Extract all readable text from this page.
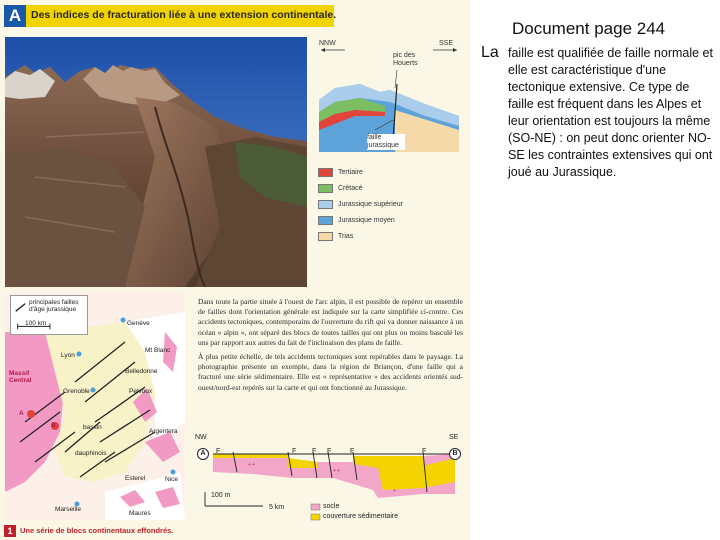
A Des indices de fracturation liée à une extension continentale.
NNW	SSE
pic des Houerts
faille jurassique
Tertiaire
Crétacé
Jurassique supérieur
Jurassique moyen
Trias
principales failles d'âge jurassique
100 km	Genève
Lyon
Mt Blanc
Belledonne
Massif Central
Grenoble	Pelvoux
bassin
dauphinois
Argentera
Esterel	Nice
Marseille
Maures
A
B

Dans toute la partie située à l'ouest de l'arc alpin, il est possible de repérer un ensemble de failles dont l'orientation générale est indiquée sur la carte simplifiée ci-contre. Ces accidents tectoniques, contemporains de l'ouverture du rift qui va donner naissance à un océan « alpin », ont séparé des blocs de toutes tailles qui ont plus ou moins basculé les uns par rapport aux autres du fait de l'inclinaison des plans de faille.

À plus petite échelle, de tels accidents tectoniques sont repérables dans le paysage. La photographie présente un exemple, dans la région de Briançon, d'une faille qui a fracturé une série sédimentaire. Elle est « représentative » des accidents orientés sud-ouest/nord-est repérés sur la carte et qui ont fonctionné au Jurassique.

+ +
+ +
+
NW	SE
A	B
F	F F F	F	F
100 m
5 km	socle
couverture sédimentaire
1	Une série de blocs continentaux effondrés.
Document page 244
La faille est qualifiée de faille normale et elle est caractéristique d'une tectonique extensive. Ce type de faille est fréquent dans les Alpes et leur orientation est toujours la même (SO-NE) : on peut donc orienter NO-SE les contraintes extensives qui ont joué au Jurassique.
